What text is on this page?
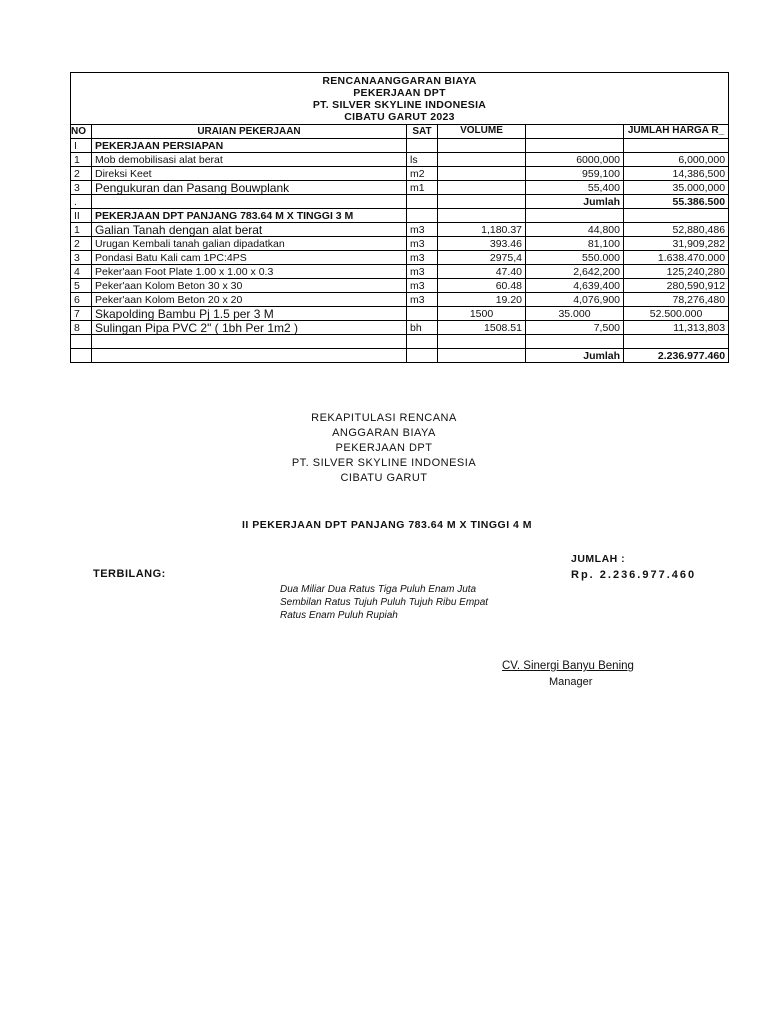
RENCANAANGGARAN BIAYA
PEKERJAAN DPT
PT. SILVER SKYLINE INDONESIA
CIBATU GARUT 2023					

NO	URAIAN PEKERJAAN	SAT	VOLUME		JUMLAH HARGA R_
I	PEKERJAAN PERSIAPAN				
1	Mob demobilisasi alat berat	ls		6000,000	6,000,000
2	Direksi Keet	m2		959,100	14,386,500
3	Pengukuran dan Pasang Bouwplank	m1		55,400	35.000,000
.				Jumlah	55.386.500
II	PEKERJAAN DPT PANJANG 783.64 M X TINGGI 3 M				
1	Galian Tanah dengan alat berat	m3	1,180.37	44,800	52,880,486
2	Urugan Kembali tanah galian dipadatkan	m3	393.46	81,100	31,909,282
3	Pondasi Batu Kali cam 1PC:4PS	m3	2975,4	550.000	1.638.470.000
4	Peker'aan Foot Plate 1.00 x 1.00 x 0.3	m3	47.40	2,642,200	125,240,280
5	Peker'aan Kolom Beton 30 x 30	m3	60.48	4,639,400	280,590,912
6	Peker'aan Kolom Beton 20 x 20	m3	19.20	4,076,900	78,276,480
7	Skapolding Bambu Pj 1.5 per 3 M		1500	35.000	52.500.000
8	Sulingan Pipa PVC 2" ( 1bh Per 1m2 )	bh	1508.51	7,500	11,313,803

				Jumlah	2.236.977.460
REKAPITULASI RENCANA
ANGGARAN BIAYA
PEKERJAAN DPT
PT. SILVER SKYLINE INDONESIA
CIBATU GARUT
II PEKERJAAN DPT PANJANG 783.64 M X TINGGI 4 M
JUMLAH :
Rp. 2.236.977.460
TERBILANG:
Dua Miliar Dua Ratus Tiga Puluh Enam Juta
Sembilan Ratus Tujuh Puluh Tujuh Ribu Empat
Ratus Enam Puluh Rupiah
CV. Sinergi Banyu Bening
Manager
